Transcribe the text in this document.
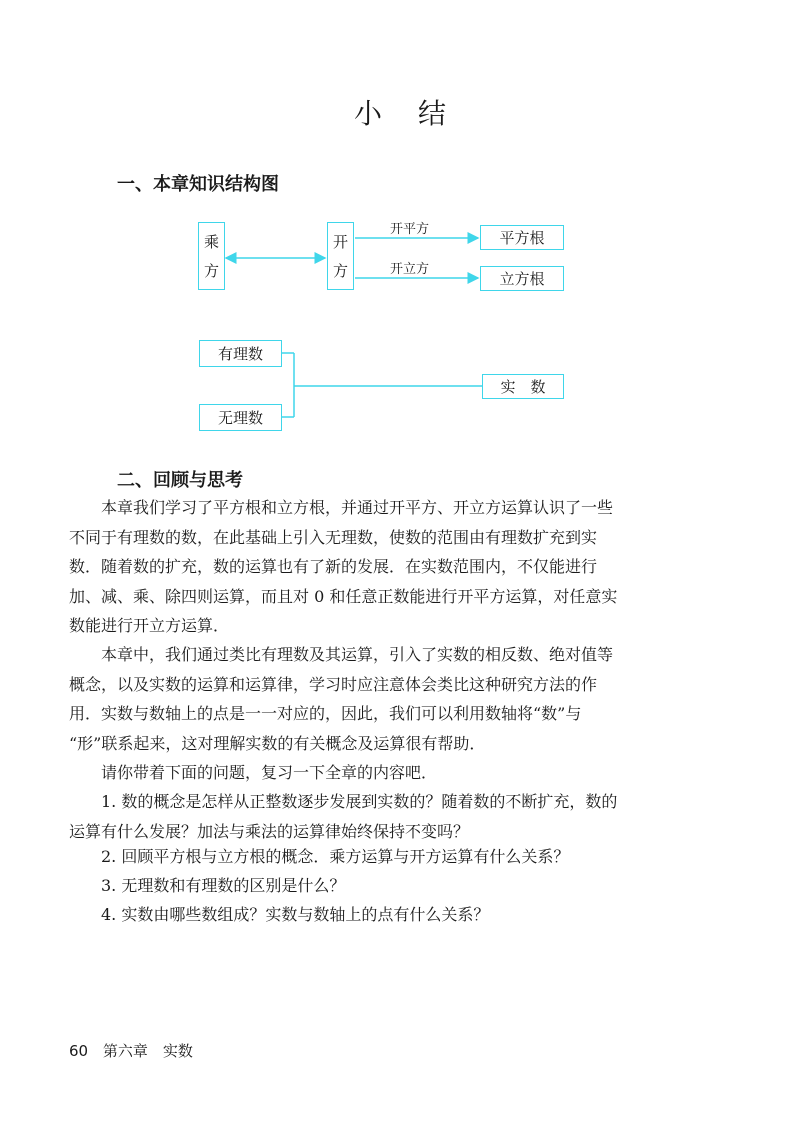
小结
一、本章知识结构图
乘
方
开
方
开平方
开立方
平方根
立方根
有理数
无理数
实　数
二、回顾与思考
　　本章我们学习了平方根和立方根，并通过开平方、开立方运算认识了一些
不同于有理数的数，在此基础上引入无理数，使数的范围由有理数扩充到实
数．随着数的扩充，数的运算也有了新的发展．在实数范围内，不仅能进行
加、减、乘、除四则运算，而且对 0 和任意正数能进行开平方运算，对任意实
数能进行开立方运算．
　　本章中，我们通过类比有理数及其运算，引入了实数的相反数、绝对值等
概念，以及实数的运算和运算律，学习时应注意体会类比这种研究方法的作
用．实数与数轴上的点是一一对应的，因此，我们可以利用数轴将“数”与
“形”联系起来，这对理解实数的有关概念及运算很有帮助．
　　请你带着下面的问题，复习一下全章的内容吧．
　　1. 数的概念是怎样从正整数逐步发展到实数的？随着数的不断扩充，数的
运算有什么发展？加法与乘法的运算律始终保持不变吗？
　　2. 回顾平方根与立方根的概念．乘方运算与开方运算有什么关系？
　　3. 无理数和有理数的区别是什么？
　　4. 实数由哪些数组成？实数与数轴上的点有什么关系？
60 第六章　实数
